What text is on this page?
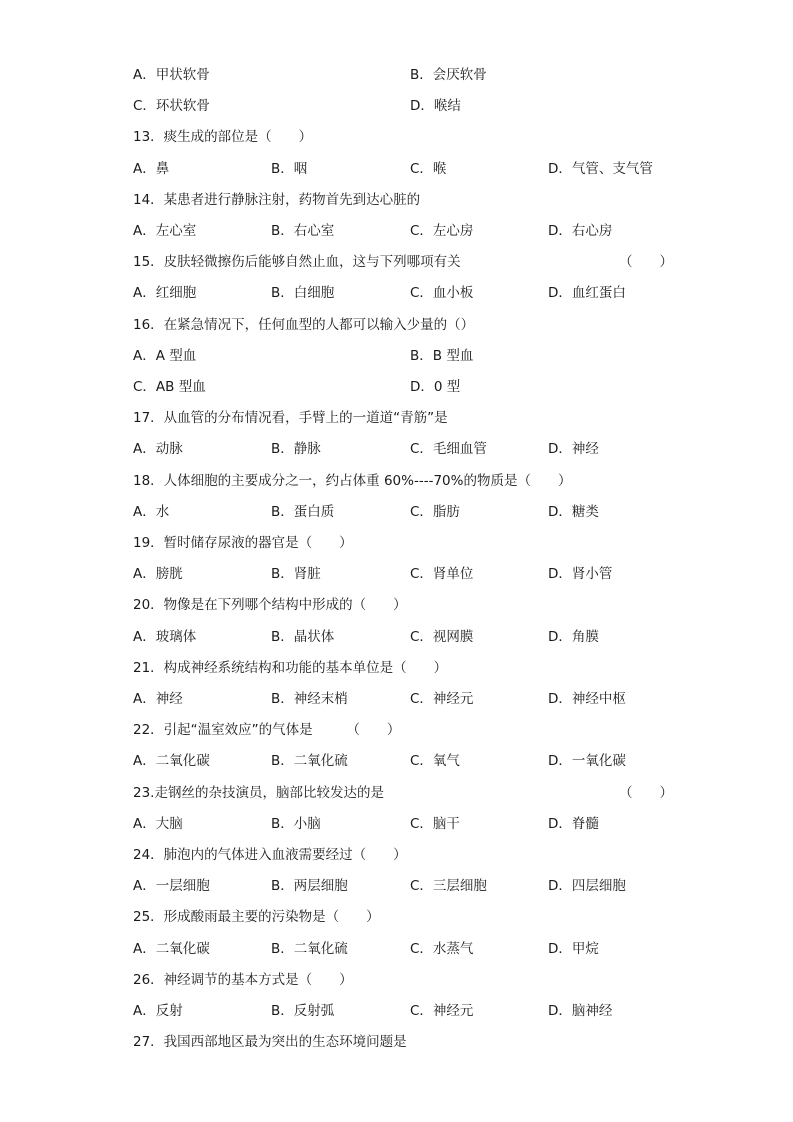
A．甲状软骨	B．会厌软骨
C．环状软骨	D．喉结
13．痰生成的部位是（　　）
A．鼻	B．咽	C．喉	D．气管、支气管
14．某患者进行静脉注射，药物首先到达心脏的
A．左心室	B．右心室	C．左心房	D．右心房
15．皮肤轻微擦伤后能够自然止血，这与下列哪项有关	（　　）
A．红细胞	B．白细胞	C．血小板	D．血红蛋白
16．在紧急情况下，任何血型的人都可以输入少量的（）
A．A 型血	B．B 型血
C．AB 型血	D．0 型
17．从血管的分布情况看，手臂上的一道道“青筋”是
A．动脉	B．静脉	C．毛细血管	D．神经
18．人体细胞的主要成分之一，约占体重 60%----70%的物质是（　　）
A．水	B．蛋白质	C．脂肪	D．糖类
19．暂时储存尿液的器官是（　　）
A．膀胱	B．肾脏	C．肾单位	D．肾小管
20．物像是在下列哪个结构中形成的（　　）
A．玻璃体	B．晶状体	C．视网膜	D．角膜
21．构成神经系统结构和功能的基本单位是（　　）
A．神经	B．神经末梢	C．神经元	D．神经中枢
22．引起“温室效应”的气体是　　　（　　）
A．二氧化碳	B．二氧化硫	C．氧气	D．一氧化碳
23.走钢丝的杂技演员，脑部比较发达的是	（　　）
A．大脑	B．小脑	C．脑干	D．脊髓
24．肺泡内的气体进入血液需要经过（　　）
A．一层细胞	B．两层细胞	C．三层细胞	D．四层细胞
25．形成酸雨最主要的污染物是（　　）
A．二氧化碳	B．二氧化硫	C．水蒸气	D．甲烷
26．神经调节的基本方式是（　　）
A．反射	B．反射弧	C．神经元	D．脑神经
27．我国西部地区最为突出的生态环境问题是
